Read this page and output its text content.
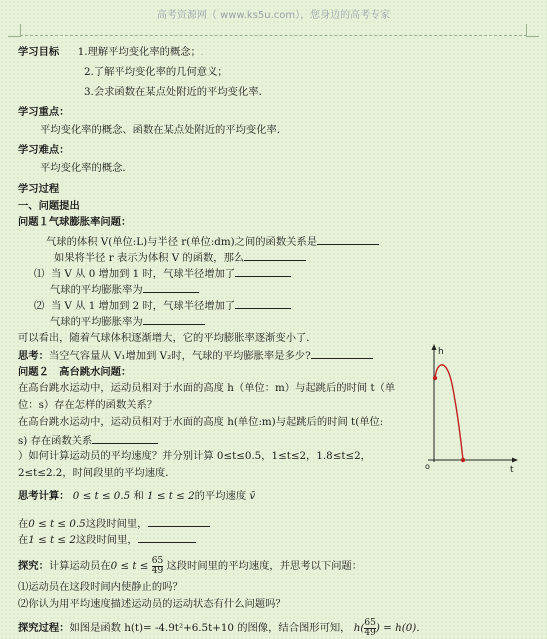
高考资源网（ www.ks5u.com），您身边的高考专家
学习目标 1.理解平均变化率的概念；.
2.了解平均变化率的几何意义；
3.会求函数在某点处附近的平均变化率．
学习重点：
平均变化率的概念、函数在某点处附近的平均变化率．
学习难点：
平均变化率的概念．
学习过程
一、问题提出
问题１气球膨胀率问题：
气球的体积 V(单位:L)与半径 r(单位:dm)之间的函数关系是
如果将半径 r 表示为体积 V 的函数，那么
⑴ 当 V 从 0 增加到 1 时，气球半径增加了
气球的平均膨胀率为
⑵ 当 V 从 1 增加到 2 时，气球半径增加了
气球的平均膨胀率为
可以看出，随着气球体积逐渐增大，它的平均膨胀率逐渐变小了．
思考：当空气容量从 V₁增加到 V₂时，气球的平均膨胀率是多少?
问题２　高台跳水问题：
在高台跳水运动中，运动员相对于水面的高度 h（单位：m）与起跳后的时间 t（单
位：s）存在怎样的函数关系？
在高台跳水运动中，运动员相对于水面的高度 h(单位:m)与起跳后的时间 t(单位:
s) 存在函数关系
）如何计算运动员的平均速度？并分别计算 0≤t≤0.5，1≤t≤2，1.8≤t≤2，
2≤t≤2.2，时间段里的平均速度．
h
t
o
思考计算： 0 ≤ t ≤ 0.5 和 1 ≤ t ≤ 2的平均速度 v̄
在0 ≤ t ≤ 0.5这段时间里，
在1 ≤ t ≤ 2这段时间里，
探究：计算运动员在$0 \le t \le \frac{65}{49}$ 这段时间里的平均速度，并思考以下问题：
⑴运动员在这段时间内使静止的吗？
⑵你认为用平均速度描述运动员的运动状态有什么问题吗？
探究过程：如图是函数 h(t)= -4.9t²+6.5t+10 的图像，结合图形可知， $h( \frac{65}{49}$ ) = h(0)．
